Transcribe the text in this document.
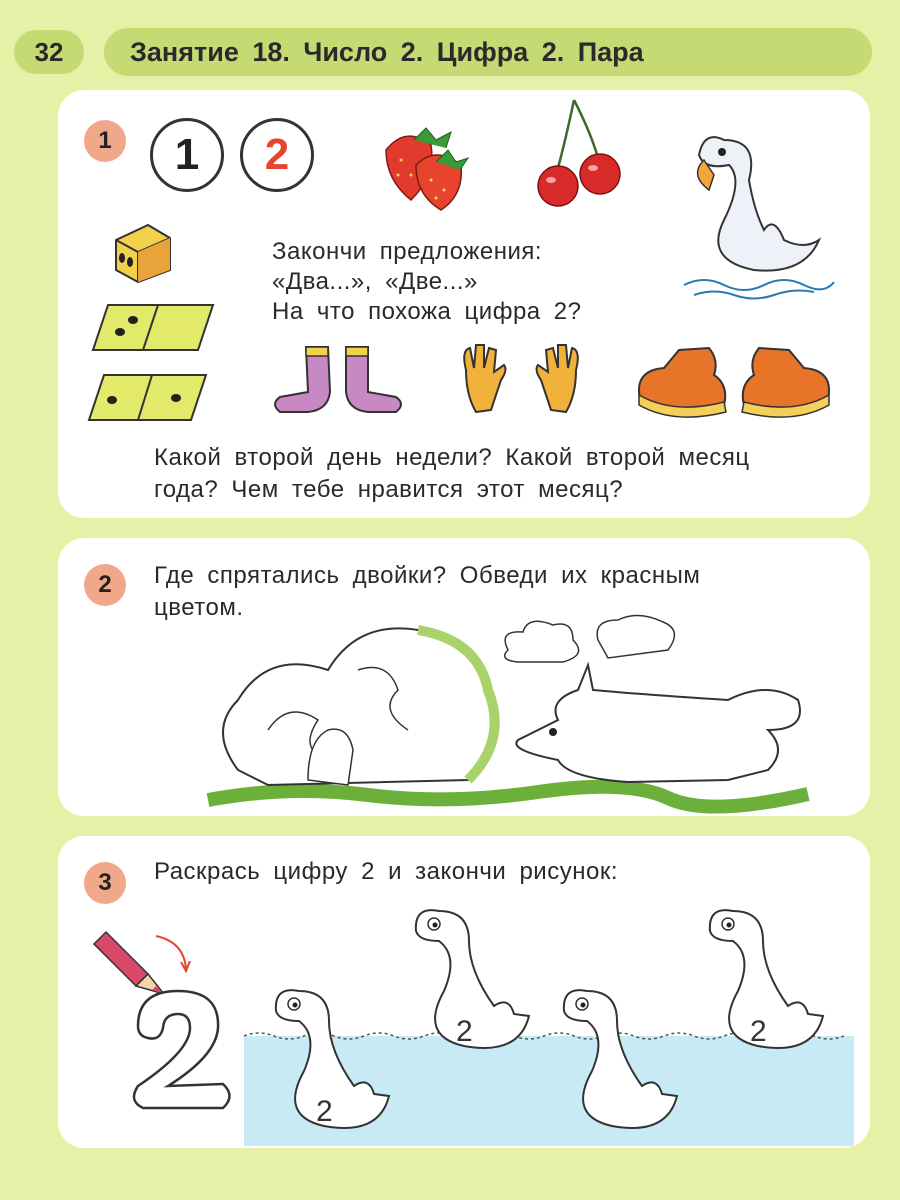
32	Занятие 18. Число 2. Цифра 2. Пара
1	1	2
Закончи предложения:
«Два...», «Две...»
На что похожа цифра 2?
Какой второй день недели? Какой второй месяц
года? Чем тебе нравится этот месяц?
2	Где спрятались двойки? Обведи их красным
цветом.
3	Раскрась цифру 2 и закончи рисунок:
2
2	2
